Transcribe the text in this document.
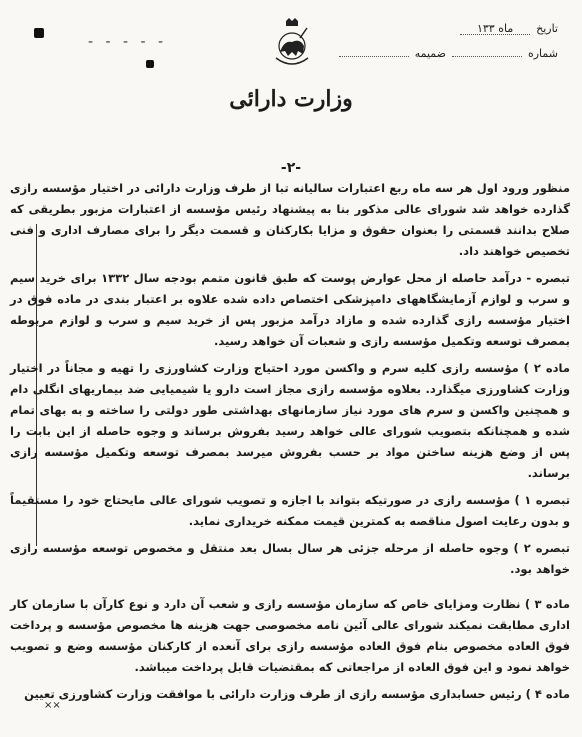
- - - - -
تاریخ
ماه ۱۳۳
شماره
ضمیمه
وزارت دارائی
-۲-

منظور ورود اول هر سه ماه ربع اعتبارات سالیانه تبا از طرف وزارت دارائی در اختیار مؤسسه رازی گذارده خواهد شد شورای عالی مذکور بنا به پیشنهاد رئیس مؤسسه از اعتبارات مزبور بطریقی که صلاح بدانند قسمتی را بعنوان حقوق و مزایا بکارکنان و قسمت دیگر را برای مصارف اداری و فنی تخصیص خواهند داد.

تبصره - درآمد حاصله از محل عوارض پوست که طبق قانون متمم بودجه سال ۱۳۳۲ برای خرید سیم و سرب و لوازم آزمایشگاههای دامپزشکی اختصاص داده شده علاوه بر اعتبار بندی در ماده فوق در اختیار مؤسسه رازی گذارده شده و مازاد درآمد مزبور پس از خرید سیم و سرب و لوازم مربوطه بمصرف توسعه وتکمیل مؤسسه رازی و شعبات آن خواهد رسید.

ماده ۲ ) مؤسسه رازی کلیه سرم و واکسن مورد احتیاج وزارت کشاورزی را تهیه و مجاناً در اختیار وزارت کشاورزی میگذارد. بعلاوه مؤسسه رازی مجاز است دارو یا شیمیایی ضد بیماریهای انگلی دام و همچنین واکسن و سرم های مورد نیاز سازمانهای بهداشتی طور دولتی را ساخته و به بهای تمام شده و همچنانکه بتصویب شورای عالی خواهد رسید بفروش برساند و وجوه حاصله از این بابت را پس از وضع هزینه ساختن مواد بر حسب بفروش میرسد بمصرف توسعه وتکمیل مؤسسه رازی برساند.

تبصره ۱ ) مؤسسه رازی در صورتیکه بتواند با اجازه و تصویب شورای عالی مایحتاج خود را مستقیماً و بدون رعایت اصول مناقصه به کمترین قیمت ممکنه خریداری نماید.

تبصره ۲ ) وجوه حاصله از مرحله جزئی هر سال بسال بعد منتقل و مخصوص توسعه مؤسسه رازی خواهد بود.

ماده ۳ ) نظارت ومزایای خاص که سازمان مؤسسه رازی و شعب آن دارد و نوع کارآن با سازمان کار اداری مطابقت نمیکند شورای عالی آئین نامه مخصوصی جهت هزینه ها مخصوص مؤسسه و پرداخت فوق العاده مخصوص بنام فوق العاده مؤسسه رازی برای آنعده از کارکنان مؤسسه وضع و تصویب خواهد نمود و این فوق العاده از مراجعاتی که بمقتضیات قابل پرداخت میباشد.

ماده ۴ ) رئیس حسابداری مؤسسه رازی از طرف وزارت دارائی با موافقت وزارت کشاورزی تعیین

××
